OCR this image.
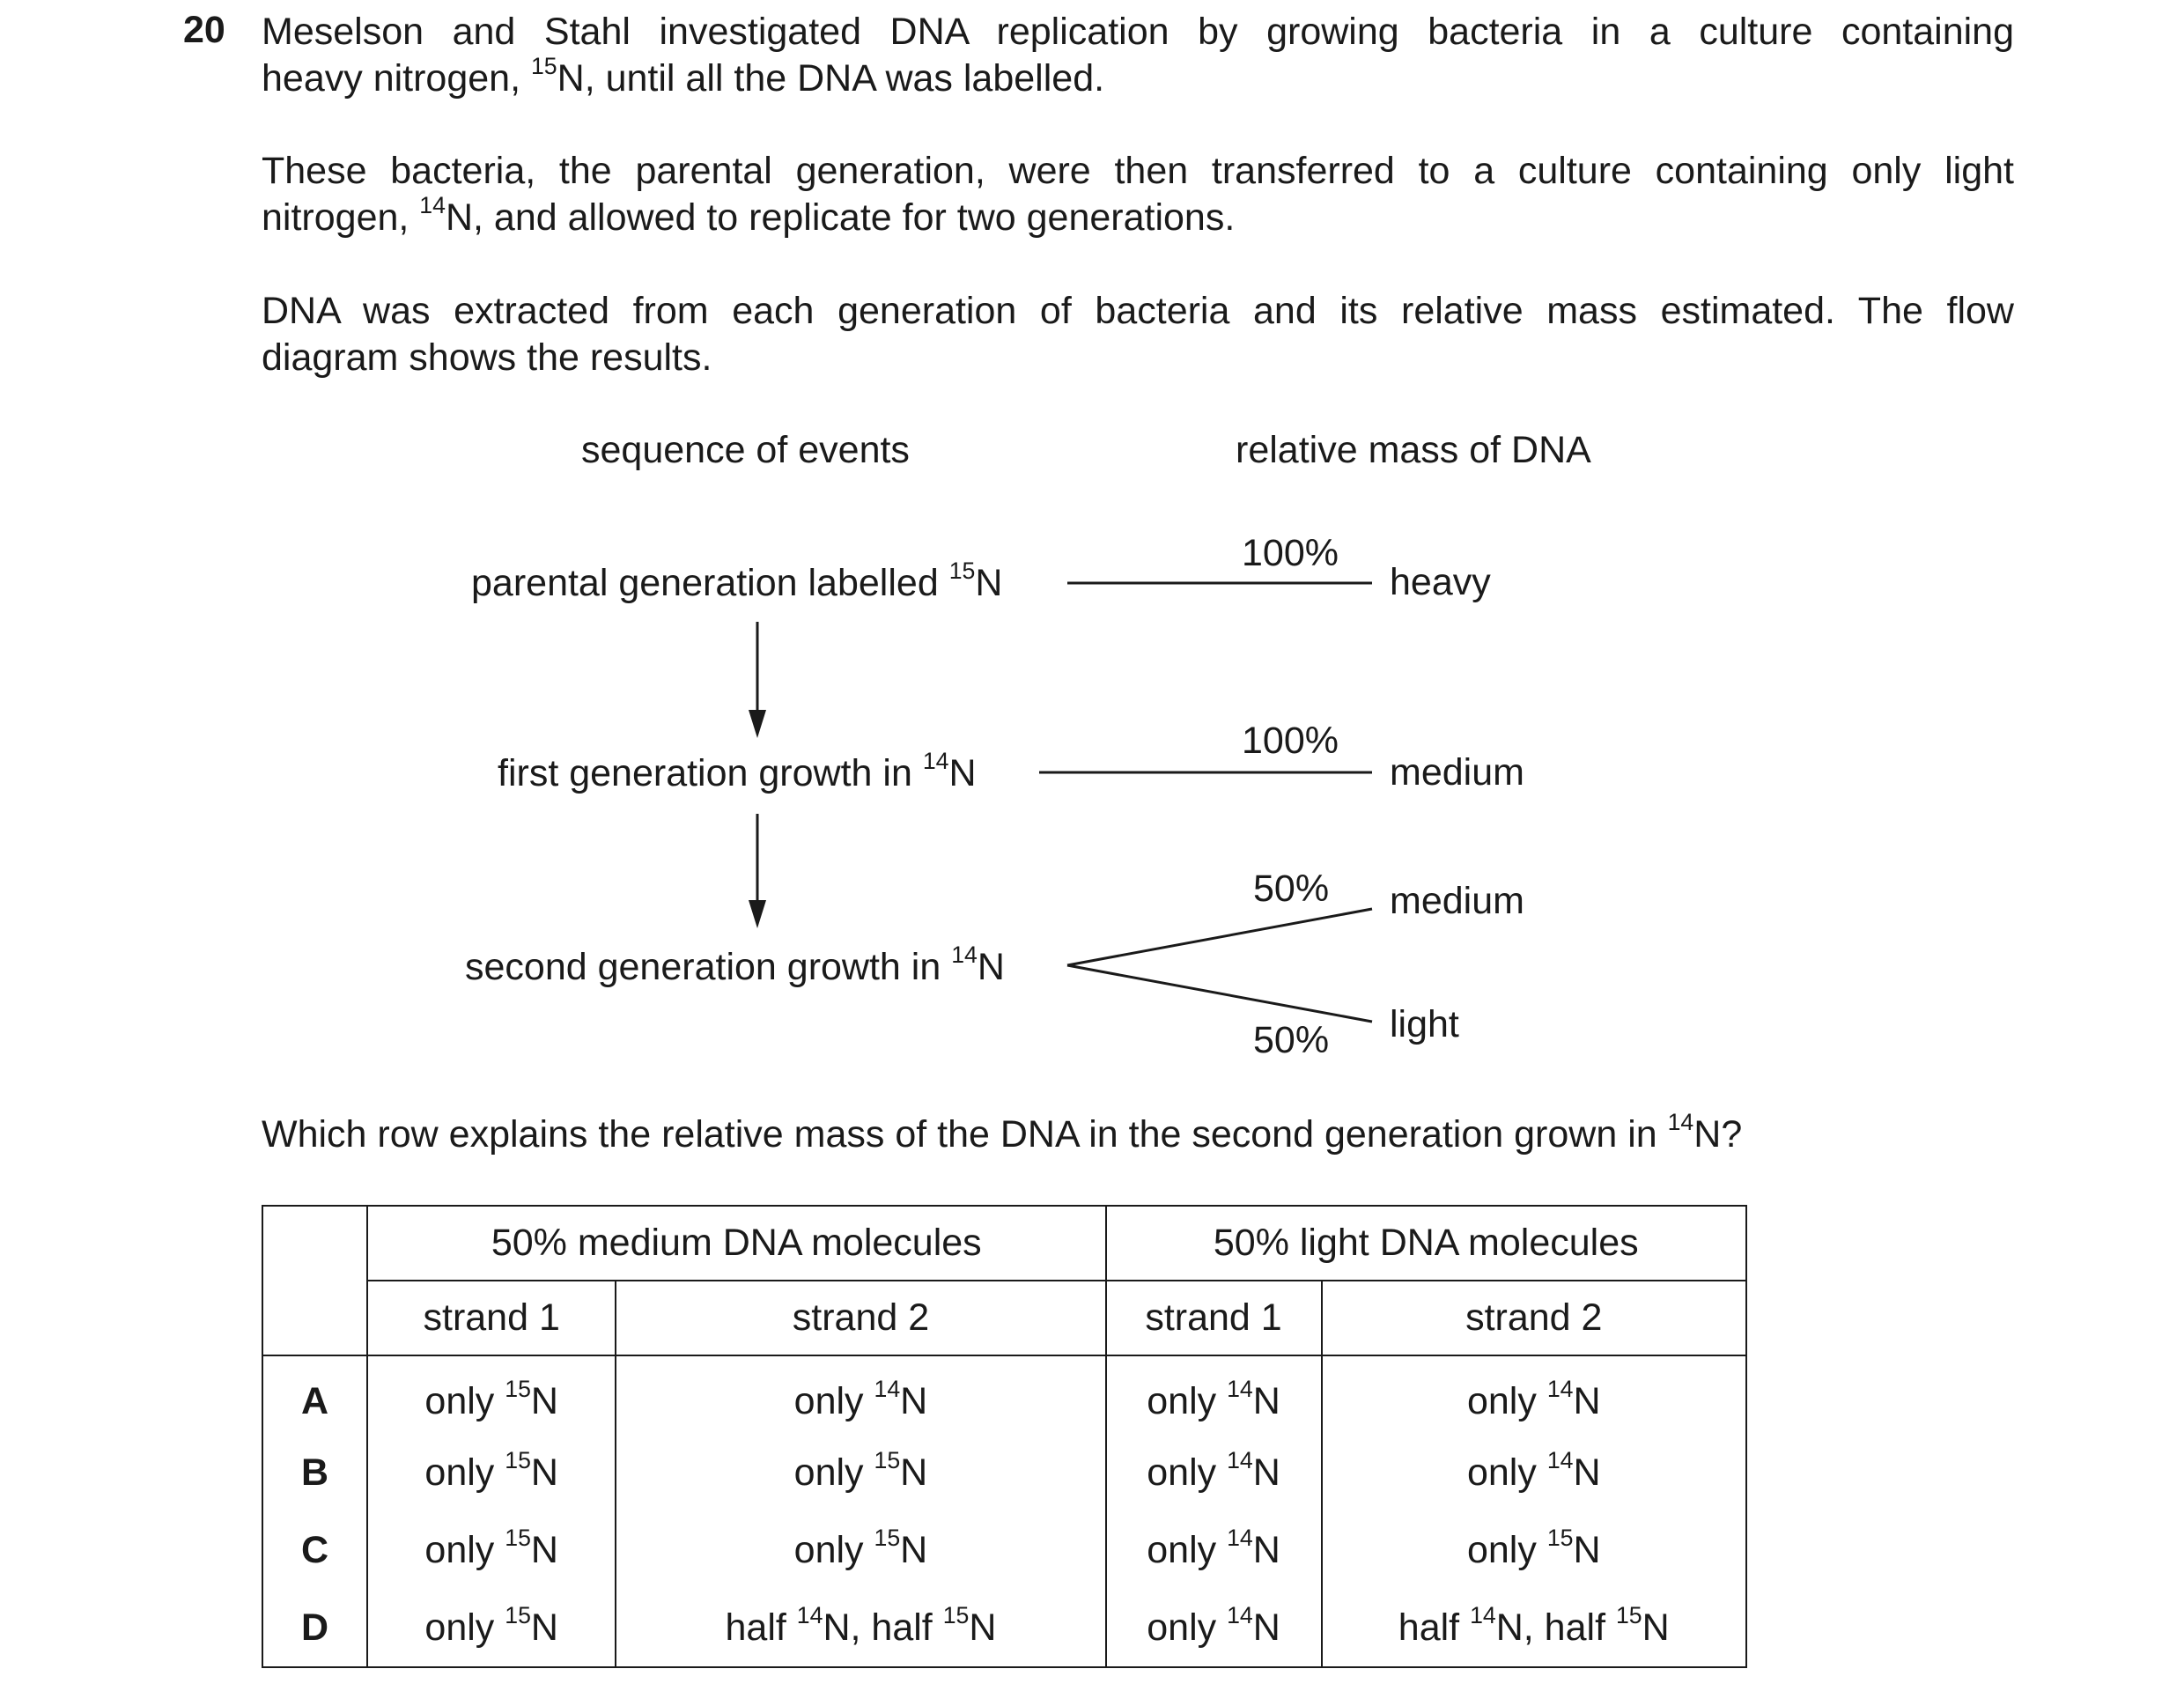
20 Meselson and Stahl investigated DNA replication by growing bacteria in a culture containing
heavy nitrogen, $^{15}$N, until all the DNA was labelled.
These bacteria, the parental generation, were then transferred to a culture containing only light
nitrogen, $^{14}$N, and allowed to replicate for two generations.
DNA was extracted from each generation of bacteria and its relative mass estimated. The flow
diagram shows the results.
sequence of events	relative mass of DNA
parental generation labelled $^{15}$N
first generation growth in $^{14}$N
second generation growth in $^{14}$N
100%
heavy
100%
medium
50% medium
50% light
Which row explains the relative mass of the DNA in the second generation grown in $^{14}$N?
	50% medium DNA molecules		50% light DNA molecules	
	strand 1	strand 2	strand 1	strand 2
A	only $^{15}$N	only $^{14}$N	only $^{14}$N	only $^{14}$N
B	only $^{15}$N	only $^{15}$N	only $^{14}$N	only $^{14}$N
C	only $^{15}$N	only $^{15}$N	only $^{14}$N	only $^{15}$N
D	only $^{15}$N	half $^{14}$N, half $^{15}$N	only $^{14}$N	half $^{14}$N, half $^{15}$N
